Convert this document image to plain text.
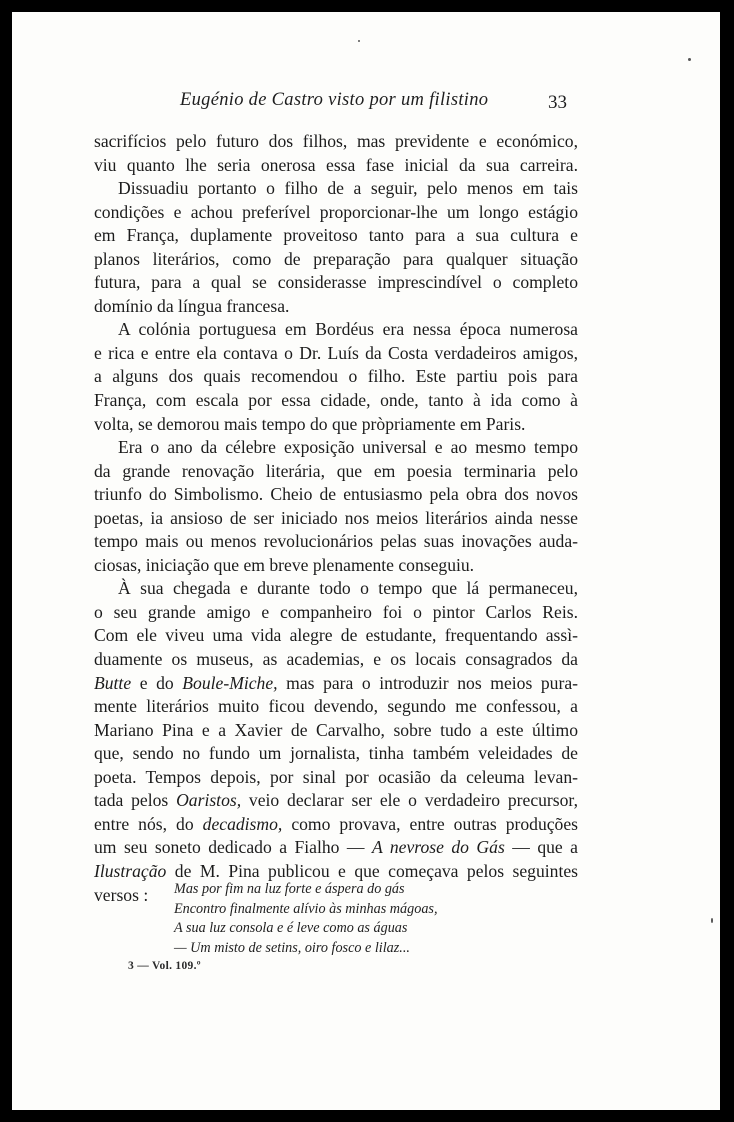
Eugénio de Castro visto por um filistino	33
sacrifícios pelo futuro dos filhos, mas previdente e económico,
viu quanto lhe seria onerosa essa fase inicial da sua carreira.
Dissuadiu portanto o filho de a seguir, pelo menos em tais
condições e achou preferível proporcionar-lhe um longo estágio
em França, duplamente proveitoso tanto para a sua cultura e
planos literários, como de preparação para qualquer situação
futura, para a qual se considerasse imprescindível o completo
domínio da língua francesa.
A colónia portuguesa em Bordéus era nessa época numerosa
e rica e entre ela contava o Dr. Luís da Costa verdadeiros amigos,
a alguns dos quais recomendou o filho. Este partiu pois para
França, com escala por essa cidade, onde, tanto à ida como à
volta, se demorou mais tempo do que pròpriamente em Paris.
Era o ano da célebre exposição universal e ao mesmo tempo
da grande renovação literária, que em poesia terminaria pelo
triunfo do Simbolismo. Cheio de entusiasmo pela obra dos novos
poetas, ia ansioso de ser iniciado nos meios literários ainda nesse
tempo mais ou menos revolucionários pelas suas inovações auda-
ciosas, iniciação que em breve plenamente conseguiu.
À sua chegada e durante todo o tempo que lá permaneceu,
o seu grande amigo e companheiro foi o pintor Carlos Reis.
Com ele viveu uma vida alegre de estudante, frequentando assì-
duamente os museus, as academias, e os locais consagrados da
Butte e do Boule-Miche, mas para o introduzir nos meios pura-
mente literários muito ficou devendo, segundo me confessou, a
Mariano Pina e a Xavier de Carvalho, sobre tudo a este último
que, sendo no fundo um jornalista, tinha também veleidades de
poeta. Tempos depois, por sinal por ocasião da celeuma levan-
tada pelos Oaristos, veio declarar ser ele o verdadeiro precursor,
entre nós, do decadismo, como provava, entre outras produções
um seu soneto dedicado a Fialho — A nevrose do Gás — que a
Ilustração de M. Pina publicou e que começava pelos seguintes
versos :	Mas por fim na luz forte e áspera do gás
Encontro finalmente alívio às minhas mágoas,
A sua luz consola e é leve como as águas
— Um misto de setins, oiro fosco e lilaz...
3 — Vol. 109.º
